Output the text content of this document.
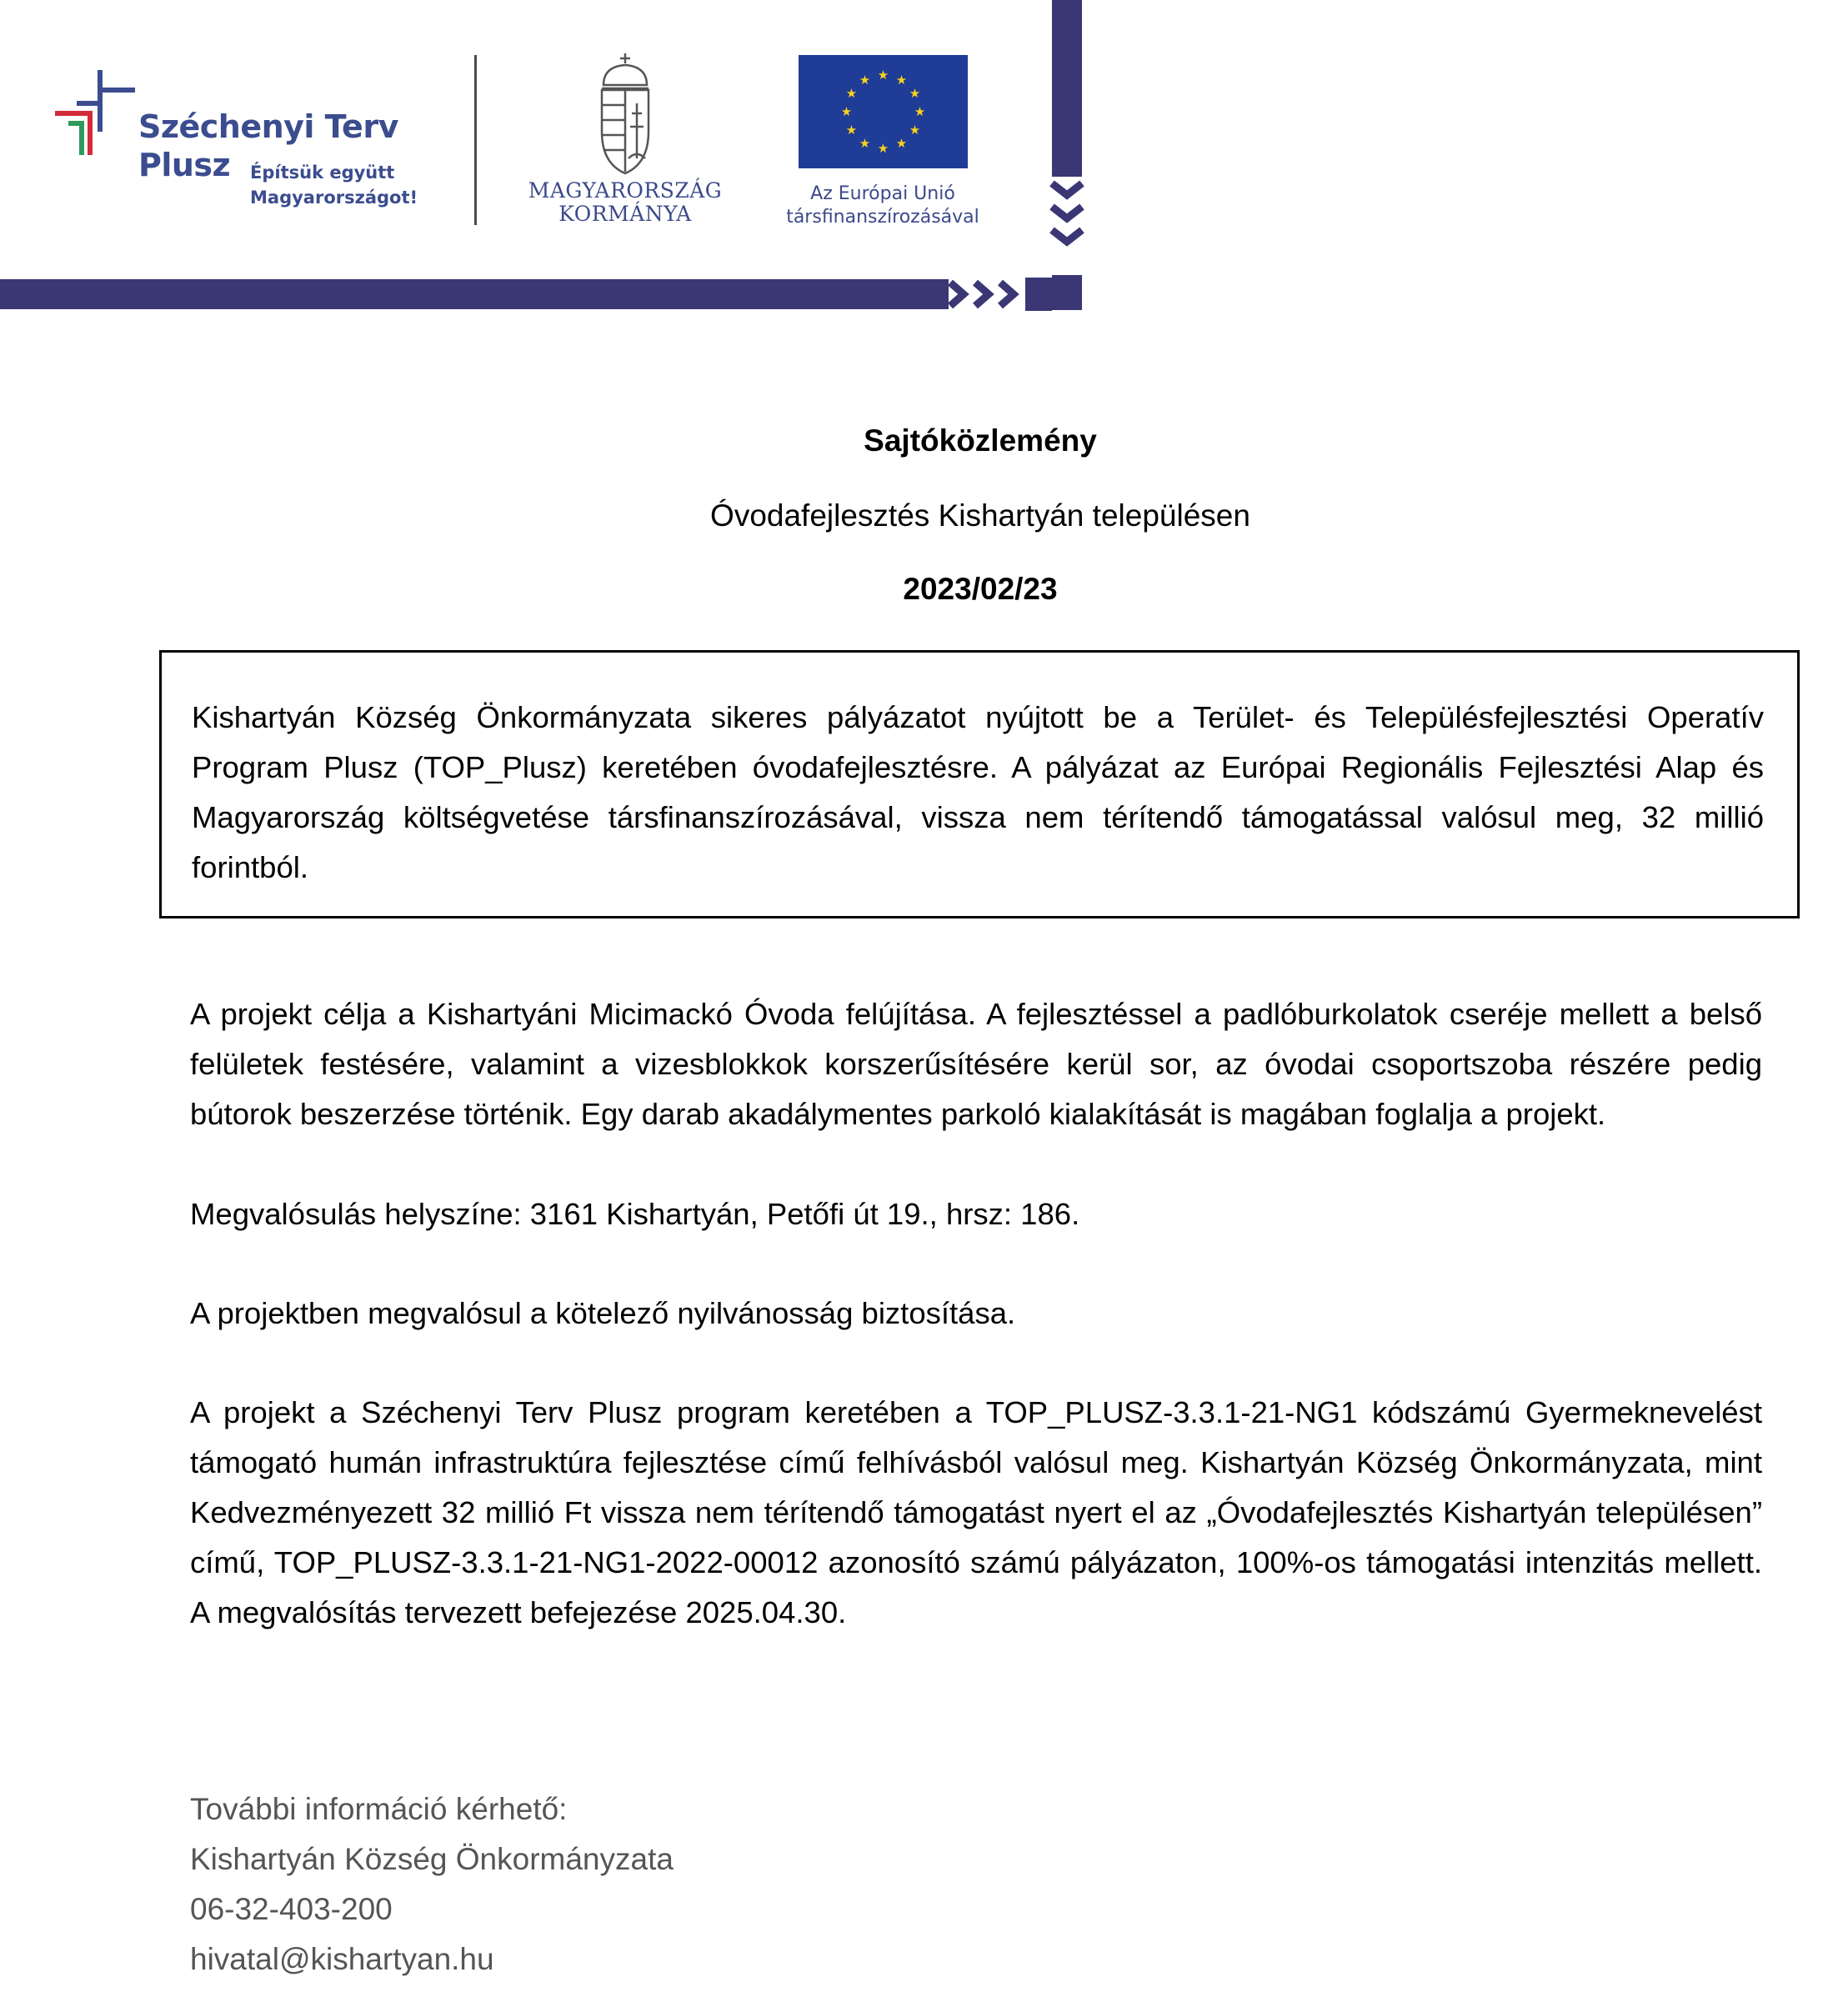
Széchenyi Terv
Plusz Építsük együtt
Magyarországot!	MAGYARORSZÁG
KORMÁNYA
★ ★
★
★
★
★
★
★
★
★
★
★
Az Európai Unió
társfinanszírozásával
Sajtóközlemény
Óvodafejlesztés Kishartyán településen
2023/02/23

Kishartyán Község Önkormányzata sikeres pályázatot nyújtott be a Terület- és Településfejlesztési Operatív Program Plusz (TOP_Plusz) keretében óvodafejlesztésre. A pályázat az Európai Regionális Fejlesztési Alap és Magyarország költségvetése társfinanszírozásával, vissza nem térítendő támogatással valósul meg, 32 millió forintból.

A projekt célja a Kishartyáni Micimackó Óvoda felújítása. A fejlesztéssel a padlóburkolatok cseréje mellett a belső felületek festésére, valamint a vizesblokkok korszerűsítésére kerül sor, az óvodai csoportszoba részére pedig bútorok beszerzése történik. Egy darab akadálymentes parkoló kialakítását is magában foglalja a projekt.

Megvalósulás helyszíne: 3161 Kishartyán, Petőfi út 19., hrsz: 186.

A projektben megvalósul a kötelező nyilvánosság biztosítása.

A projekt a Széchenyi Terv Plusz program keretében a TOP_PLUSZ-3.3.1-21-NG1 kódszámú Gyermeknevelést támogató humán infrastruktúra fejlesztése című felhívásból valósul meg. Kishartyán Község Önkormányzata, mint Kedvezményezett 32 millió Ft vissza nem térítendő támogatást nyert el az „Óvodafejlesztés Kishartyán településen” című, TOP_PLUSZ-3.3.1-21-NG1-2022-00012 azonosító számú pályázaton, 100%-os támogatási intenzitás mellett. A megvalósítás tervezett befejezése 2025.04.30.

További információ kérhető:

Kishartyán Község Önkormányzata

06-32-403-200

hivatal@kishartyan.hu
